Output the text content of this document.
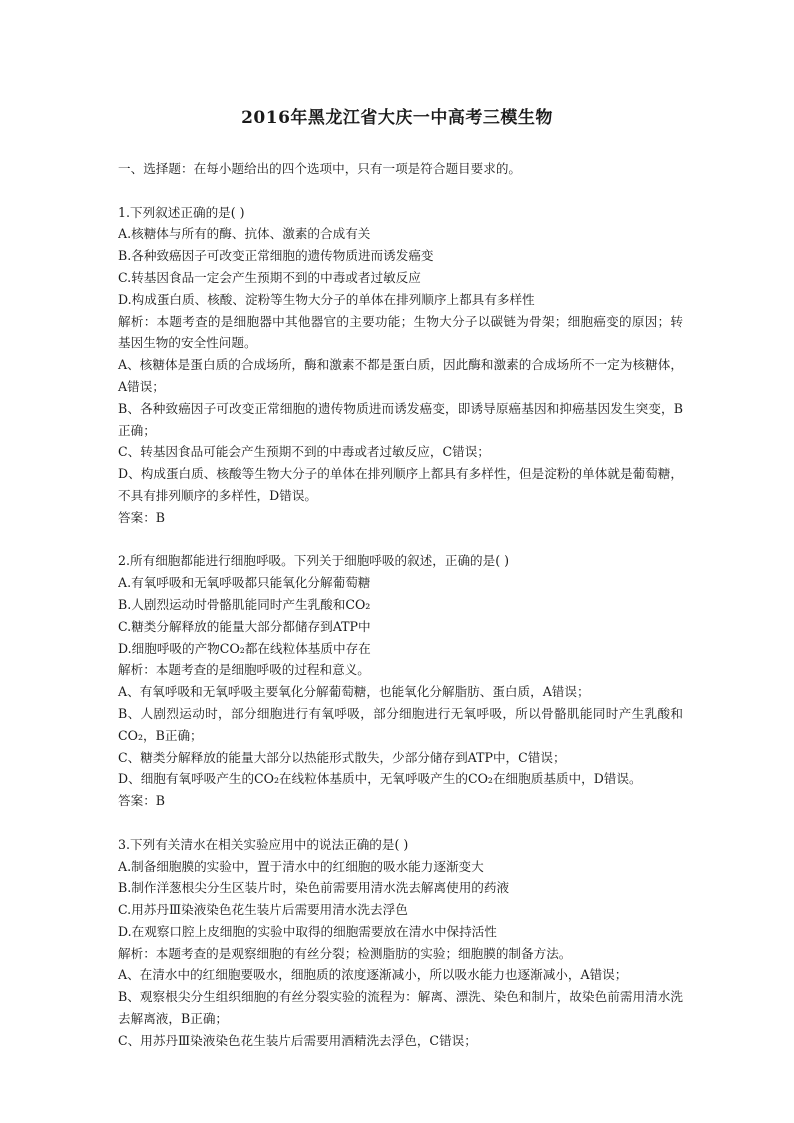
2016年黑龙江省大庆一中高考三模生物
一、选择题：在每小题给出的四个选项中，只有一项是符合题目要求的。
1.下列叙述正确的是( )
A.核糖体与所有的酶、抗体、激素的合成有关
B.各种致癌因子可改变正常细胞的遗传物质进而诱发癌变
C.转基因食品一定会产生预期不到的中毒或者过敏反应
D.构成蛋白质、核酸、淀粉等生物大分子的单体在排列顺序上都具有多样性
解析：本题考查的是细胞器中其他器官的主要功能；生物大分子以碳链为骨架；细胞癌变的原因；转基因生物的安全性问题。
A、核糖体是蛋白质的合成场所，酶和激素不都是蛋白质，因此酶和激素的合成场所不一定为核糖体，A错误；
B、各种致癌因子可改变正常细胞的遗传物质进而诱发癌变，即诱导原癌基因和抑癌基因发生突变，B正确；
C、转基因食品可能会产生预期不到的中毒或者过敏反应，C错误；
D、构成蛋白质、核酸等生物大分子的单体在排列顺序上都具有多样性，但是淀粉的单体就是葡萄糖，不具有排列顺序的多样性，D错误。
答案：B
2.所有细胞都能进行细胞呼吸。下列关于细胞呼吸的叙述，正确的是( )
A.有氧呼吸和无氧呼吸都只能氧化分解葡萄糖
B.人剧烈运动时骨骼肌能同时产生乳酸和CO₂
C.糖类分解释放的能量大部分都储存到ATP中
D.细胞呼吸的产物CO₂都在线粒体基质中存在
解析：本题考查的是细胞呼吸的过程和意义。
A、有氧呼吸和无氧呼吸主要氧化分解葡萄糖，也能氧化分解脂肪、蛋白质，A错误；
B、人剧烈运动时，部分细胞进行有氧呼吸，部分细胞进行无氧呼吸，所以骨骼肌能同时产生乳酸和CO₂，B正确；
C、糖类分解释放的能量大部分以热能形式散失，少部分储存到ATP中，C错误；
D、细胞有氧呼吸产生的CO₂在线粒体基质中，无氧呼吸产生的CO₂在细胞质基质中，D错误。
答案：B
3.下列有关清水在相关实验应用中的说法正确的是( )
A.制备细胞膜的实验中，置于清水中的红细胞的吸水能力逐渐变大
B.制作洋葱根尖分生区装片时，染色前需要用清水洗去解离使用的药液
C.用苏丹Ⅲ染液染色花生装片后需要用清水洗去浮色
D.在观察口腔上皮细胞的实验中取得的细胞需要放在清水中保持活性
解析：本题考查的是观察细胞的有丝分裂；检测脂肪的实验；细胞膜的制备方法。
A、在清水中的红细胞要吸水，细胞质的浓度逐渐减小，所以吸水能力也逐渐减小，A错误；
B、观察根尖分生组织细胞的有丝分裂实验的流程为：解离、漂洗、染色和制片，故染色前需用清水洗去解离液，B正确；
C、用苏丹Ⅲ染液染色花生装片后需要用酒精洗去浮色，C错误；
